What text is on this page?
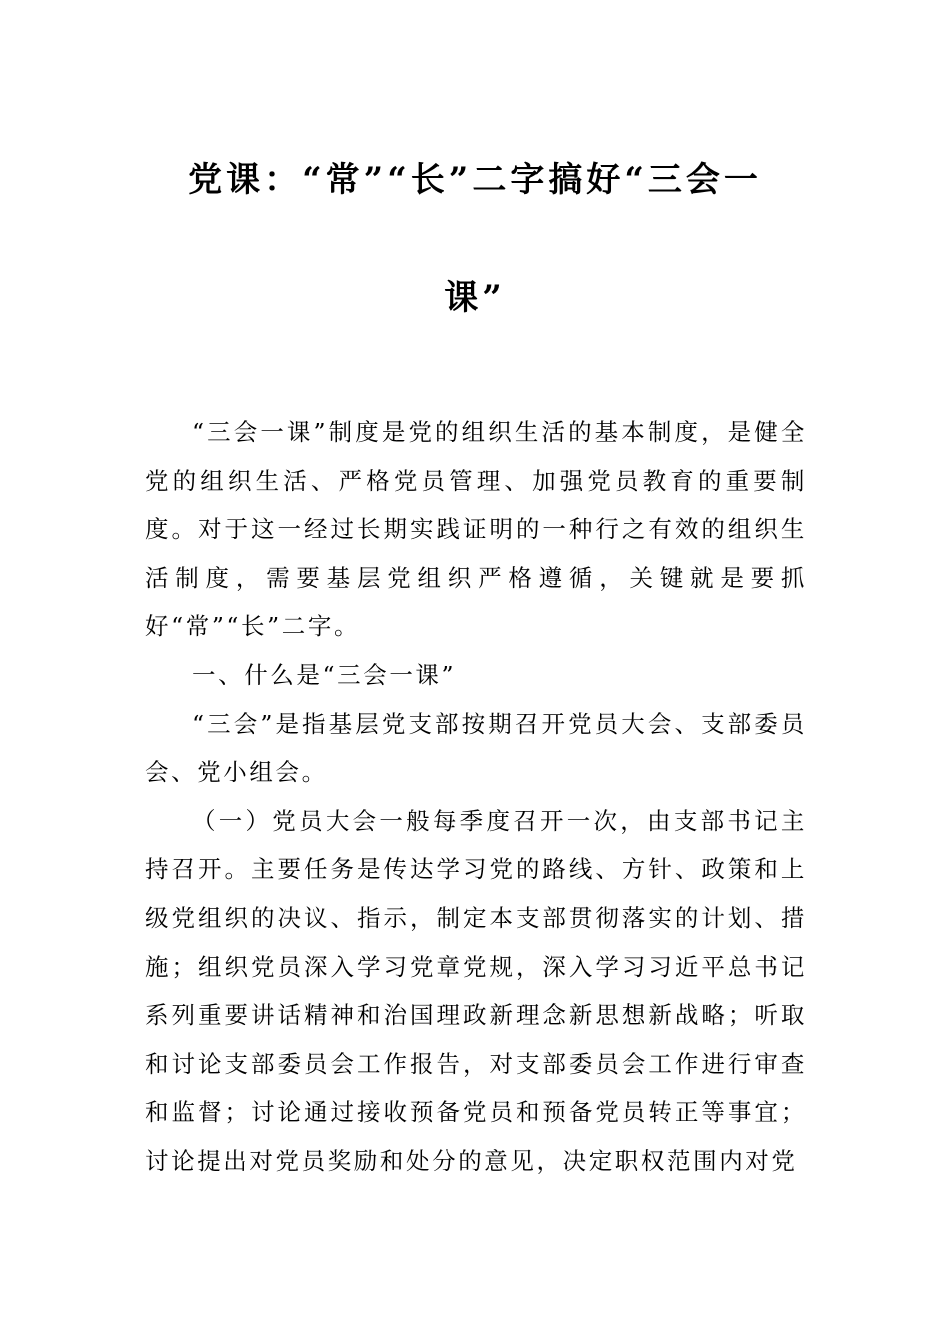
党课：“常”“长”二字搞好“三会一
课”

“三会一课”制度是党的组织生活的基本制度，是健全党的组织生活、严格党员管理、加强党员教育的重要制度。对于这一经过长期实践证明的一种行之有效的组织生活制度，需要基层党组织严格遵循，关键就是要抓好“常”“长”二字。

一、什么是“三会一课”

“三会”是指基层党支部按期召开党员大会、支部委员会、党小组会。

（一）党员大会一般每季度召开一次，由支部书记主持召开。主要任务是传达学习党的路线、方针、政策和上级党组织的决议、指示，制定本支部贯彻落实的计划、措施；组织党员深入学习党章党规，深入学习习近平总书记系列重要讲话精神和治国理政新理念新思想新战略；听取和讨论支部委员会工作报告，对支部委员会工作进行审查和监督；讨论通过接收预备党员和预备党员转正等事宜；讨论提出对党员奖励和处分的意见，决定职权范围内对党
